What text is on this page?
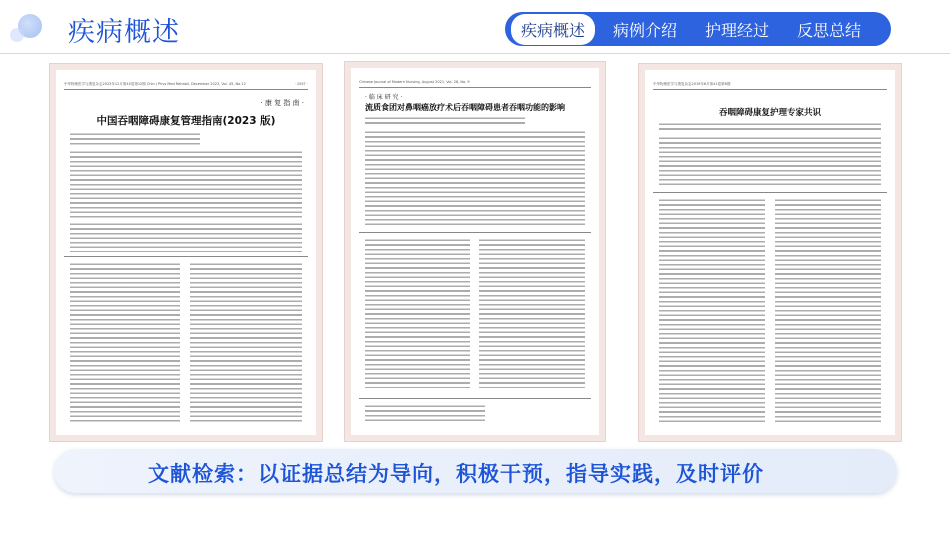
疾病概述	疾病概述	病例介绍	护理经过	反思总结
中华物理医学与康复杂志2023年12月第45卷第12期 Chin J Phys Med Rehabil, December 2023, Vol. 45, No.12	· 1057 ·
· 康 复 指 南 ·
中国吞咽障碍康复管理指南(2023 版)
Chinese Journal of Modern Nursing, August 2021, Vol. 28, No. 9
· 临 床 研 究 ·
流质食团对鼻咽癌放疗术后吞咽障碍患者吞咽功能的影响
中华物理医学与康复杂志2019年6月第41卷第6期
吞咽障碍康复护理专家共识
文献检索：以证据总结为导向，积极干预，指导实践，及时评价
